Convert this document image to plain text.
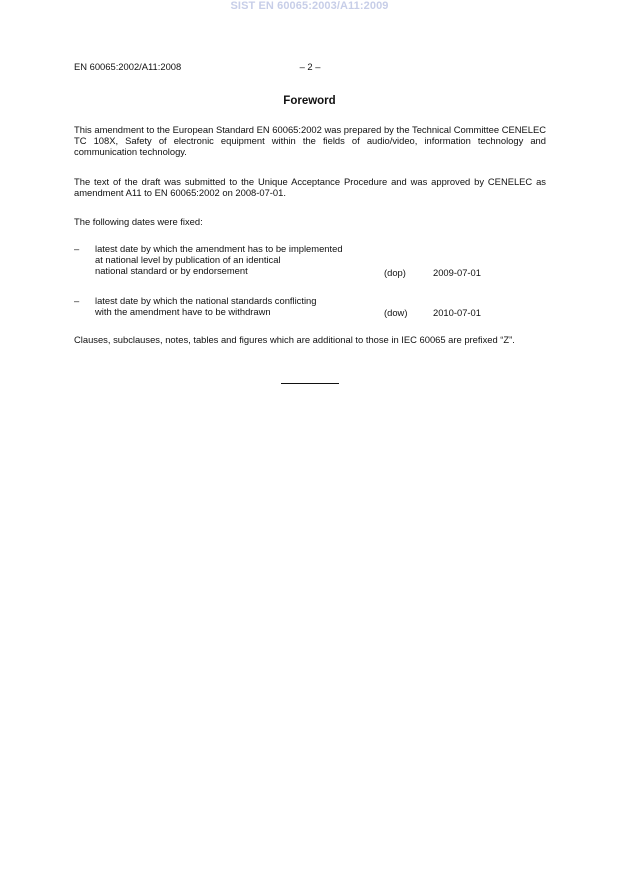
SIST EN 60065:2003/A11:2009
EN 60065:2002/A11:2008	– 2 –
Foreword

This amendment to the European Standard EN 60065:2002 was prepared by the Technical Committee CENELEC TC 108X, Safety of electronic equipment within the fields of audio/video, information technology and communication technology.

The text of the draft was submitted to the Unique Acceptance Procedure and was approved by CENELEC as amendment A11 to EN 60065:2002 on 2008-07-01.

The following dates were fixed:

– latest date by which the amendment has to be implemented
at national level by publication of an identical
national standard or by endorsement	(dop)	2009-07-01
– latest date by which the national standards conflicting
with the amendment have to be withdrawn	(dow)	2010-07-01

Clauses, subclauses, notes, tables and figures which are additional to those in IEC 60065 are prefixed “Z”.
